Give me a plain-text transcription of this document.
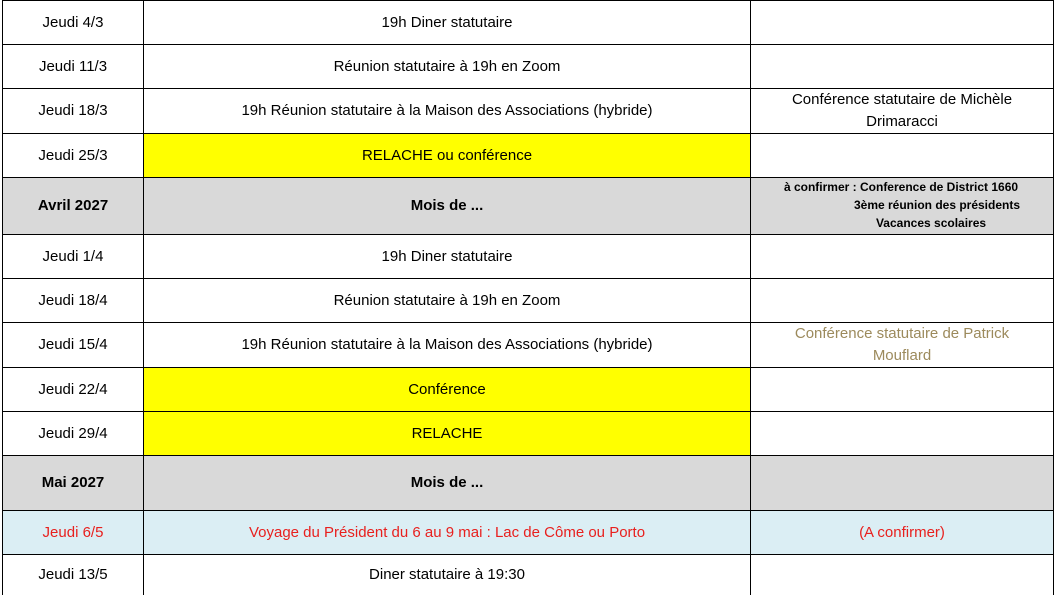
Jeudi 4/3	19h Diner statutaire	
Jeudi 11/3	Réunion statutaire à 19h en Zoom	
Jeudi 18/3	19h Réunion statutaire à la Maison des Associations (hybride)	Conférence statutaire de Michèle
Drimaracci

Jeudi 25/3	RELACHE ou conférence	
Avril 2027	Mois de ...	à confirmer : Conference de District 1660
3ème réunion des présidents
Vacances scolaires

Jeudi 1/4	19h Diner statutaire	
Jeudi 18/4	Réunion statutaire à 19h en Zoom	
Jeudi 15/4	19h Réunion statutaire à la Maison des Associations (hybride)	Conférence statutaire de Patrick
Mouflard

Jeudi 22/4	Conférence	
Jeudi 29/4	RELACHE	
Mai 2027	Mois de ...	
Jeudi 6/5	Voyage du Président du 6 au 9 mai : Lac de Côme ou Porto	(A confirmer)
Jeudi 13/5	Diner statutaire à 19:30	
